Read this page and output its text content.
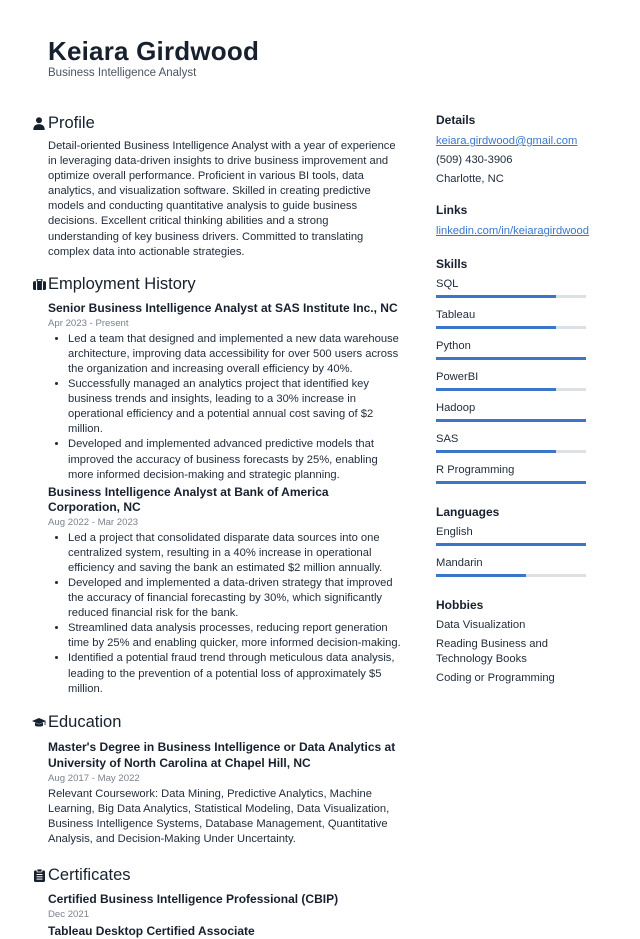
Keiara Girdwood
Business Intelligence Analyst
Profile
Detail-oriented Business Intelligence Analyst with a year of experience in leveraging data-driven insights to drive business improvement and optimize overall performance. Proficient in various BI tools, data analytics, and visualization software. Skilled in creating predictive models and conducting quantitative analysis to guide business decisions. Excellent critical thinking abilities and a strong understanding of key business drivers. Committed to translating complex data into actionable strategies.
Employment History
Senior Business Intelligence Analyst at SAS Institute Inc., NC
Apr 2023 - Present
• Led a team that designed and implemented a new data warehouse architecture, improving data accessibility for over 500 users across the organization and increasing overall efficiency by 40%.
• Successfully managed an analytics project that identified key business trends and insights, leading to a 30% increase in operational efficiency and a potential annual cost saving of $2 million.
• Developed and implemented advanced predictive models that improved the accuracy of business forecasts by 25%, enabling more informed decision-making and strategic planning.
Business Intelligence Analyst at Bank of America Corporation, NC
Aug 2022 - Mar 2023
• Led a project that consolidated disparate data sources into one centralized system, resulting in a 40% increase in operational efficiency and saving the bank an estimated $2 million annually.
• Developed and implemented a data-driven strategy that improved the accuracy of financial forecasting by 30%, which significantly reduced financial risk for the bank.
• Streamlined data analysis processes, reducing report generation time by 25% and enabling quicker, more informed decision-making.
• Identified a potential fraud trend through meticulous data analysis, leading to the prevention of a potential loss of approximately $5 million.
Education
Master's Degree in Business Intelligence or Data Analytics at University of North Carolina at Chapel Hill, NC
Aug 2017 - May 2022
Relevant Coursework: Data Mining, Predictive Analytics, Machine Learning, Big Data Analytics, Statistical Modeling, Data Visualization, Business Intelligence Systems, Database Management, Quantitative Analysis, and Decision-Making Under Uncertainty.
Certificates
Certified Business Intelligence Professional (CBIP)
Dec 2021
Tableau Desktop Certified Associate
Details
keiara.girdwood@gmail.com
(509) 430-3906
Charlotte, NC
Links
linkedin.com/in/keiaragirdwood
Skills
SQL
Tableau
Python
PowerBI
Hadoop
SAS
R Programming
Languages
English
Mandarin
Hobbies
Data Visualization
Reading Business and Technology Books
Coding or Programming
